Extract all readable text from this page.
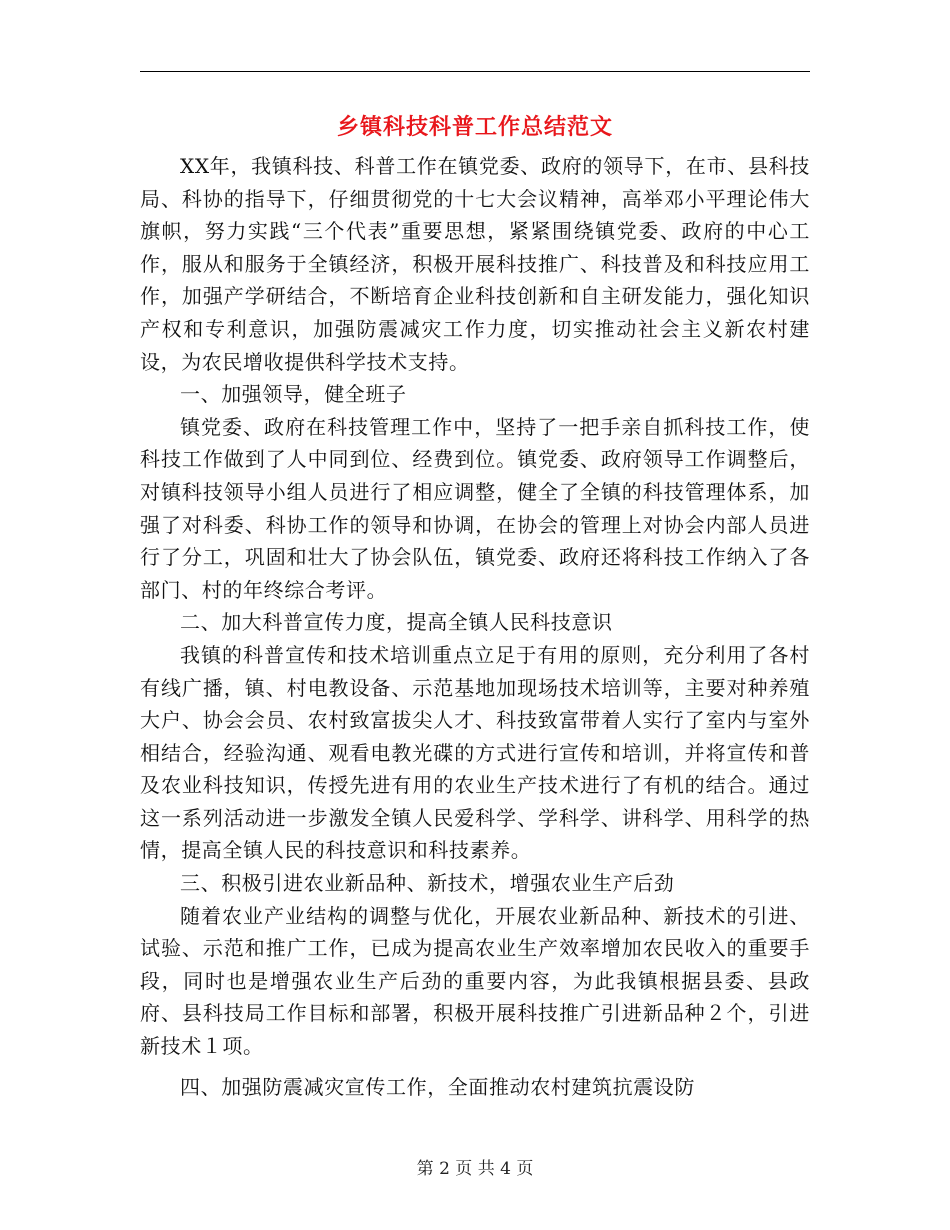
乡镇科技科普工作总结范文

XX年，我镇科技、科普工作在镇党委、政府的领导下，在市、县科技局、科协的指导下，仔细贯彻党的十七大会议精神，高举邓小平理论伟大旗帜，努力实践“三个代表”重要思想，紧紧围绕镇党委、政府的中心工作，服从和服务于全镇经济，积极开展科技推广、科技普及和科技应用工作，加强产学研结合，不断培育企业科技创新和自主研发能力，强化知识产权和专利意识，加强防震减灾工作力度，切实推动社会主义新农村建设，为农民增收提供科学技术支持。

一、加强领导，健全班子

镇党委、政府在科技管理工作中，坚持了一把手亲自抓科技工作，使科技工作做到了人中同到位、经费到位。镇党委、政府领导工作调整后，对镇科技领导小组人员进行了相应调整，健全了全镇的科技管理体系，加强了对科委、科协工作的领导和协调，在协会的管理上对协会内部人员进行了分工，巩固和壮大了协会队伍，镇党委、政府还将科技工作纳入了各部门、村的年终综合考评。

二、加大科普宣传力度，提高全镇人民科技意识

我镇的科普宣传和技术培训重点立足于有用的原则，充分利用了各村有线广播，镇、村电教设备、示范基地加现场技术培训等，主要对种养殖大户、协会会员、农村致富拔尖人才、科技致富带着人实行了室内与室外相结合，经验沟通、观看电教光碟的方式进行宣传和培训，并将宣传和普及农业科技知识，传授先进有用的农业生产技术进行了有机的结合。通过这一系列活动进一步激发全镇人民爱科学、学科学、讲科学、用科学的热情，提高全镇人民的科技意识和科技素养。

三、积极引进农业新品种、新技术，增强农业生产后劲

随着农业产业结构的调整与优化，开展农业新品种、新技术的引进、试验、示范和推广工作，已成为提高农业生产效率增加农民收入的重要手段，同时也是增强农业生产后劲的重要内容，为此我镇根据县委、县政府、县科技局工作目标和部署，积极开展科技推广引进新品种２个，引进新技术１项。

四、加强防震减灾宣传工作，全面推动农村建筑抗震设防

第 2 页 共 4 页
